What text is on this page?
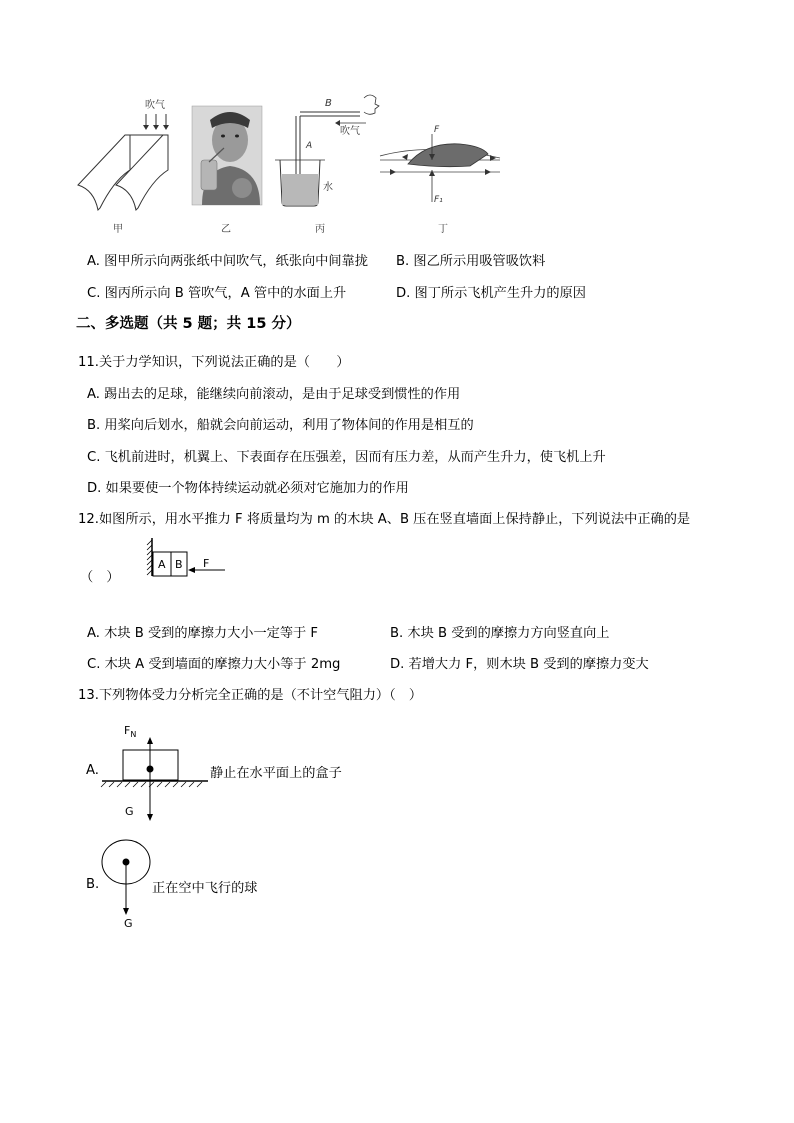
吹气	B
A
吹气
水
F
F₁
甲	乙	丙	丁
A. 图甲所示向两张纸中间吹气，纸张向中间靠拢 B. 图乙所示用吸管吸饮料
C. 图丙所示向 B 管吹气，A 管中的水面上升	D. 图丁所示飞机产生升力的原因
二、多选题（共 5 题；共 15 分）
11.关于力学知识，下列说法正确的是（　　）
A. 踢出去的足球，能继续向前滚动，是由于足球受到惯性的作用
B. 用桨向后划水，船就会向前运动，利用了物体间的作用是相互的
C. 飞机前进时，机翼上、下表面存在压强差，因而有压力差，从而产生升力，使飞机上升
D. 如果要使一个物体持续运动就必须对它施加力的作用
12.如图所示，用水平推力 F 将质量均为 m 的木块 A、B 压在竖直墙面上保持静止，下列说法中正确的是
（　）
A B F
A. 木块 B 受到的摩擦力大小一定等于 F	B. 木块 B 受到的摩擦力方向竖直向上
C. 木块 A 受到墙面的摩擦力大小等于 2mg	D. 若增大力 F，则木块 B 受到的摩擦力变大
13.下列物体受力分析完全正确的是（不计空气阻力）（　）
A.
$F_N$
G
静止在水平面上的盒子
B.
G
正在空中飞行的球
